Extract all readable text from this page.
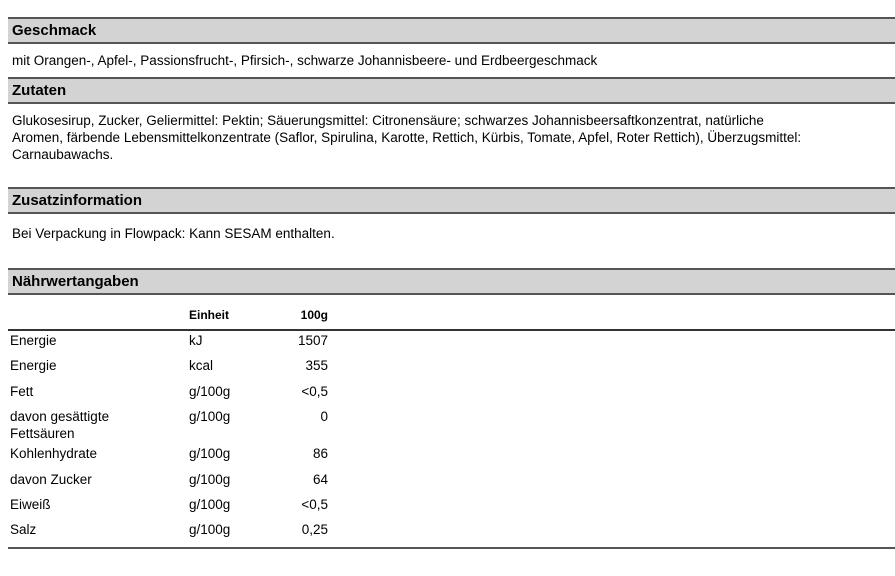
Geschmack
mit Orangen-, Apfel-, Passionsfrucht-, Pfirsich-, schwarze Johannisbeere- und Erdbeergeschmack
Zutaten
Glukosesirup, Zucker, Geliermittel: Pektin; Säuerungsmittel: Citronensäure; schwarzes Johannisbeersaftkonzentrat, natürliche
Aromen, färbende Lebensmittelkonzentrate (Saflor, Spirulina, Karotte, Rettich, Kürbis, Tomate, Apfel, Roter Rettich), Überzugsmittel:
Carnaubawachs.
Zusatzinformation
Bei Verpackung in Flowpack: Kann SESAM enthalten.
Nährwertangaben
Einheit	100g
Energie	kJ	1507
Energie	kcal	355
Fett	g/100g	<0,5
davon gesättigte
Fettsäuren
g/100g	0
Kohlenhydrate	g/100g	86
davon Zucker	g/100g	64
Eiweiß	g/100g	<0,5
Salz	g/100g	0,25
